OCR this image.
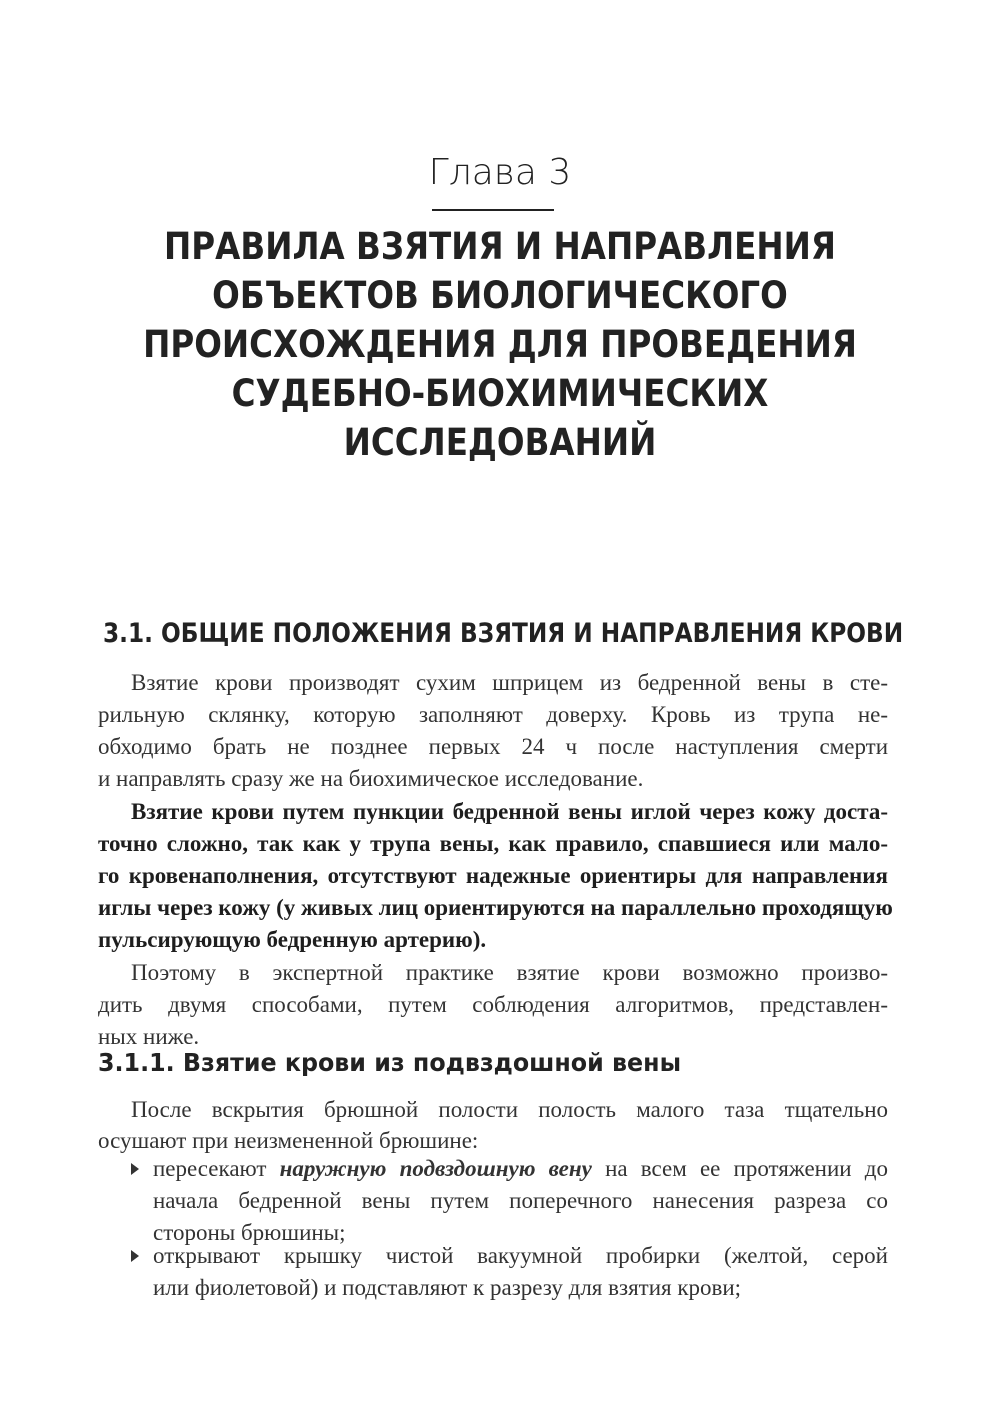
Глава 3
ПРАВИЛА ВЗЯТИЯ И НАПРАВЛЕНИЯ
ОБЪЕКТОВ БИОЛОГИЧЕСКОГО
ПРОИСХОЖДЕНИЯ ДЛЯ ПРОВЕДЕНИЯ
СУДЕБНО-БИОХИМИЧЕСКИХ
ИССЛЕДОВАНИЙ
3.1. ОБЩИЕ ПОЛОЖЕНИЯ ВЗЯТИЯ И НАПРАВЛЕНИЯ КРОВИ
Взятие крови производят сухим шприцем из бедренной вены в сте-
рильную склянку, которую заполняют доверху. Кровь из трупа не-
обходимо брать не позднее первых 24 ч после наступления смерти
и направлять сразу же на биохимическое исследование.
Взятие крови путем пункции бедренной вены иглой через кожу доста-
точно сложно, так как у трупа вены, как правило, спавшиеся или мало-
го кровенаполнения, отсутствуют надежные ориентиры для направления
иглы через кожу (у живых лиц ориентируются на параллельно проходящую
пульсирующую бедренную артерию).
Поэтому в экспертной практике взятие крови возможно произво-
дить двумя способами, путем соблюдения алгоритмов, представлен-
ных ниже.
3.1.1. Взятие крови из подвздошной вены
После вскрытия брюшной полости полость малого таза тщательно
осушают при неизмененной брюшине:
пересекают наружную подвздошную вену на всем ее протяжении до
начала бедренной вены путем поперечного нанесения разреза со
стороны брюшины;
открывают крышку чистой вакуумной пробирки (желтой, серой
или фиолетовой) и подставляют к разрезу для взятия крови;
